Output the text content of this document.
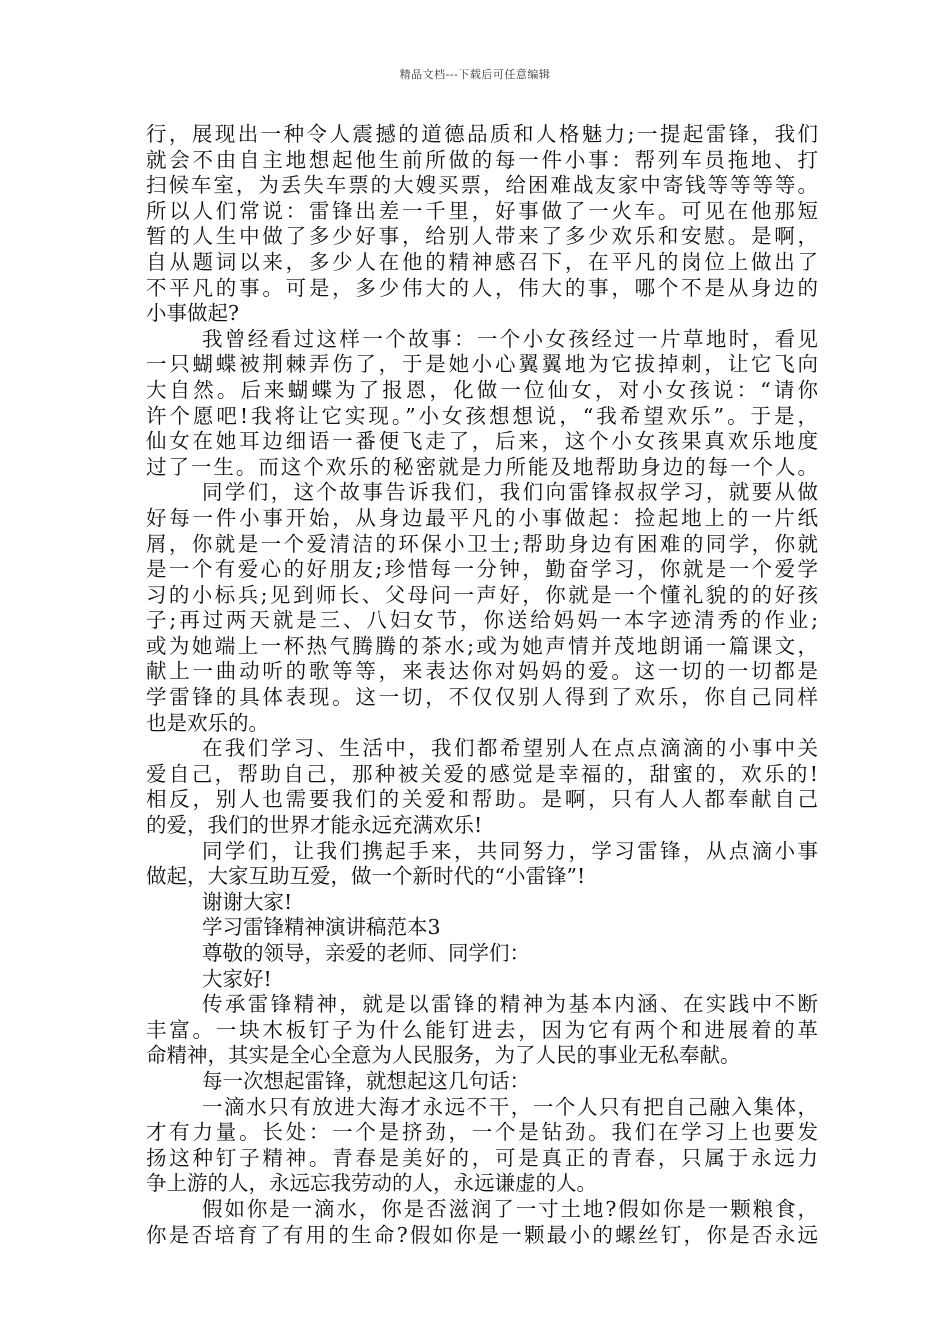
精品文档---下载后可任意编辑
行，展现出一种令人震撼的道德品质和人格魅力;一提起雷锋，我们
就会不由自主地想起他生前所做的每一件小事：帮列车员拖地、打
扫候车室，为丢失车票的大嫂买票，给困难战友家中寄钱等等等等。
所以人们常说：雷锋出差一千里，好事做了一火车。可见在他那短
暂的人生中做了多少好事，给别人带来了多少欢乐和安慰。是啊，
自从题词以来，多少人在他的精神感召下，在平凡的岗位上做出了
不平凡的事。可是，多少伟大的人，伟大的事，哪个不是从身边的
小事做起?
我曾经看过这样一个故事：一个小女孩经过一片草地时，看见
一只蝴蝶被荆棘弄伤了，于是她小心翼翼地为它拔掉刺，让它飞向
大自然。后来蝴蝶为了报恩，化做一位仙女，对小女孩说：“请你
许个愿吧!我将让它实现。”小女孩想想说，“我希望欢乐”。于是，
仙女在她耳边细语一番便飞走了，后来，这个小女孩果真欢乐地度
过了一生。而这个欢乐的秘密就是力所能及地帮助身边的每一个人。
同学们，这个故事告诉我们，我们向雷锋叔叔学习，就要从做
好每一件小事开始，从身边最平凡的小事做起：捡起地上的一片纸
屑，你就是一个爱清洁的环保小卫士;帮助身边有困难的同学，你就
是一个有爱心的好朋友;珍惜每一分钟，勤奋学习，你就是一个爱学
习的小标兵;见到师长、父母问一声好，你就是一个懂礼貌的的好孩
子;再过两天就是三、八妇女节，你送给妈妈一本字迹清秀的作业;
或为她端上一杯热气腾腾的茶水;或为她声情并茂地朗诵一篇课文，
献上一曲动听的歌等等，来表达你对妈妈的爱。这一切的一切都是
学雷锋的具体表现。这一切，不仅仅别人得到了欢乐，你自己同样
也是欢乐的。
在我们学习、生活中，我们都希望别人在点点滴滴的小事中关
爱自己，帮助自己，那种被关爱的感觉是幸福的，甜蜜的，欢乐的!
相反，别人也需要我们的关爱和帮助。是啊，只有人人都奉献自己
的爱，我们的世界才能永远充满欢乐!
同学们，让我们携起手来，共同努力，学习雷锋，从点滴小事
做起，大家互助互爱，做一个新时代的“小雷锋”!
谢谢大家!
学习雷锋精神演讲稿范本3
尊敬的领导，亲爱的老师、同学们：
大家好!
传承雷锋精神，就是以雷锋的精神为基本内涵、在实践中不断
丰富。一块木板钉子为什么能钉进去，因为它有两个和进展着的革
命精神，其实是全心全意为人民服务，为了人民的事业无私奉献。
每一次想起雷锋，就想起这几句话：
一滴水只有放进大海才永远不干，一个人只有把自己融入集体，
才有力量。长处：一个是挤劲，一个是钻劲。我们在学习上也要发
扬这种钉子精神。青春是美好的，可是真正的青春，只属于永远力
争上游的人，永远忘我劳动的人，永远谦虚的人。
假如你是一滴水，你是否滋润了一寸土地?假如你是一颗粮食，
你是否培育了有用的生命?假如你是一颗最小的螺丝钉，你是否永远
